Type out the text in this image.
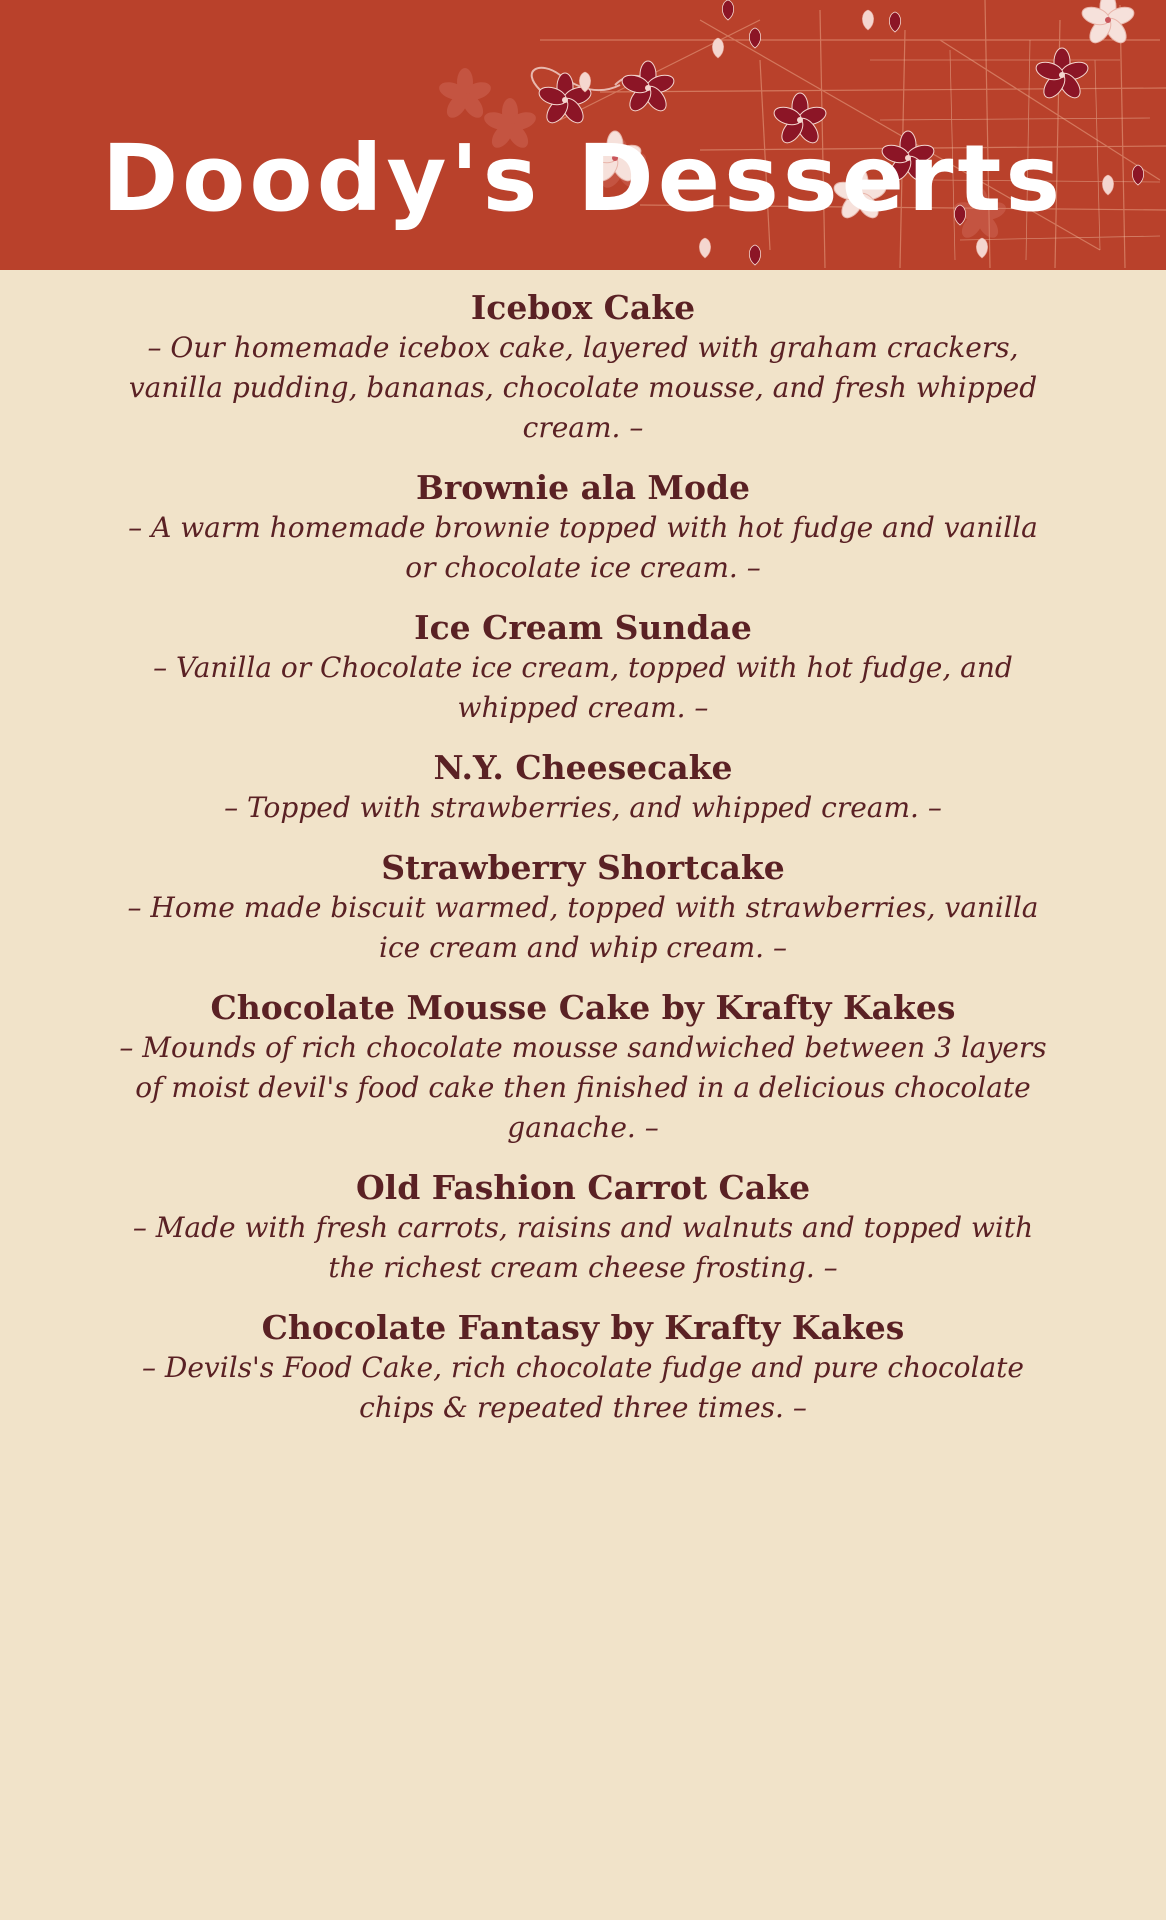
Doody's Desserts

Icebox Cake

– Our homemade icebox cake, layered with graham crackers, vanilla pudding, bananas, chocolate mousse, and fresh whipped cream. –

Brownie ala Mode

– A warm homemade brownie topped with hot fudge and vanilla or chocolate ice cream. –

Ice Cream Sundae

– Vanilla or Chocolate ice cream, topped with hot fudge, and whipped cream. –

N.Y. Cheesecake

– Topped with strawberries, and whipped cream. –

Strawberry Shortcake

– Home made biscuit warmed, topped with strawberries, vanilla ice cream and whip cream. –

Chocolate Mousse Cake by Krafty Kakes

– Mounds of rich chocolate mousse sandwiched between 3 layers of moist devil's food cake then finished in a delicious chocolate ganache. –

Old Fashion Carrot Cake

– Made with fresh carrots, raisins and walnuts and topped with the richest cream cheese frosting. –

Chocolate Fantasy by Krafty Kakes

– Devils's Food Cake, rich chocolate fudge and pure chocolate chips & repeated three times. –
